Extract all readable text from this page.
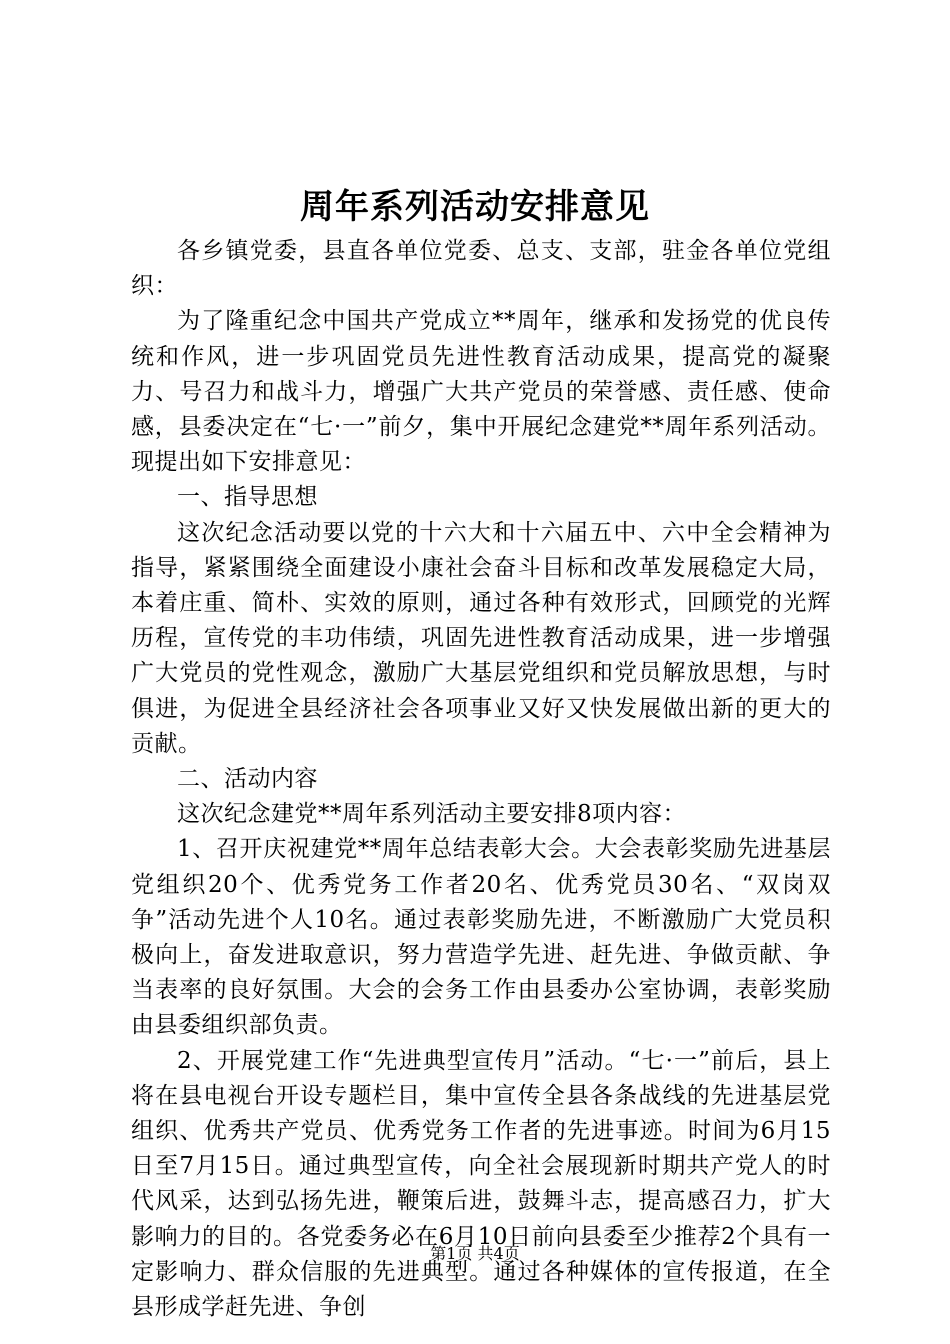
周年系列活动安排意见

各乡镇党委，县直各单位党委、总支、支部，驻金各单位党组织：

为了隆重纪念中国共产党成立**周年，继承和发扬党的优良传统和作风，进一步巩固党员先进性教育活动成果，提高党的凝聚力、号召力和战斗力，增强广大共产党员的荣誉感、责任感、使命感，县委决定在“七·一”前夕，集中开展纪念建党**周年系列活动。现提出如下安排意见：

一、指导思想

这次纪念活动要以党的十六大和十六届五中、六中全会精神为指导，紧紧围绕全面建设小康社会奋斗目标和改革发展稳定大局，本着庄重、简朴、实效的原则，通过各种有效形式，回顾党的光辉历程，宣传党的丰功伟绩，巩固先进性教育活动成果，进一步增强广大党员的党性观念，激励广大基层党组织和党员解放思想，与时俱进，为促进全县经济社会各项事业又好又快发展做出新的更大的贡献。

二、活动内容

这次纪念建党**周年系列活动主要安排8项内容：

1、召开庆祝建党**周年总结表彰大会。大会表彰奖励先进基层党组织20个、优秀党务工作者20名、优秀党员30名、“双岗双争”活动先进个人10名。通过表彰奖励先进，不断激励广大党员积极向上，奋发进取意识，努力营造学先进、赶先进、争做贡献、争当表率的良好氛围。大会的会务工作由县委办公室协调，表彰奖励由县委组织部负责。

2、开展党建工作“先进典型宣传月”活动。“七·一”前后，县上将在县电视台开设专题栏目，集中宣传全县各条战线的先进基层党组织、优秀共产党员、优秀党务工作者的先进事迹。时间为6月15日至7月15日。通过典型宣传，向全社会展现新时期共产党人的时代风采，达到弘扬先进，鞭策后进，鼓舞斗志，提高感召力，扩大影响力的目的。各党委务必在6月10日前向县委至少推荐2个具有一定影响力、群众信服的先进典型。通过各种媒体的宣传报道，在全县形成学赶先进、争创

第1页 共4页
